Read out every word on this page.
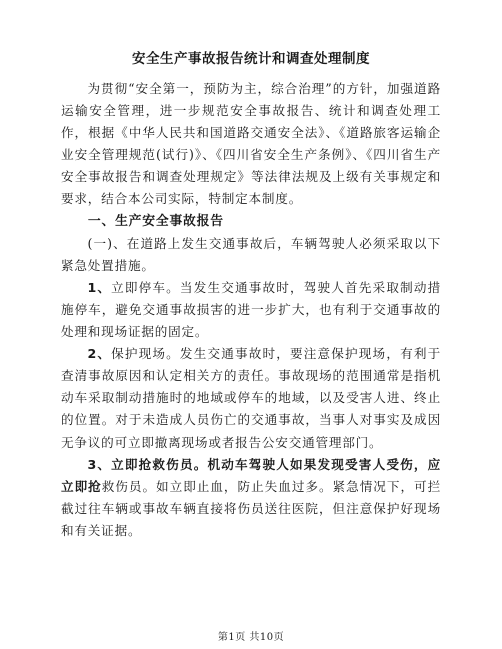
安全生产事故报告统计和调查处理制度

为贯彻“安全第一，预防为主，综合治理”的方针，加强道路运输安全管理，进一步规范安全事故报告、统计和调查处理工作，根据《中华人民共和国道路交通安全法》、《道路旅客运输企业安全管理规范(试行)》、《四川省安全生产条例》、《四川省生产安全事故报告和调查处理规定》等法律法规及上级有关事规定和要求，结合本公司实际，特制定本制度。

一、生产安全事故报告

(一)、在道路上发生交通事故后，车辆驾驶人必须采取以下紧急处置措施。

1、立即停车。当发生交通事故时，驾驶人首先采取制动措施停车，避免交通事故损害的进一步扩大，也有利于交通事故的处理和现场证据的固定。

2、保护现场。发生交通事故时，要注意保护现场，有利于查清事故原因和认定相关方的责任。事故现场的范围通常是指机动车采取制动措施时的地域或停车的地域，以及受害人进、终止的位置。对于未造成人员伤亡的交通事故，当事人对事实及成因无争议的可立即撤离现场或者报告公安交通管理部门。

3、立即抢救伤员。机动车驾驶人如果发现受害人受伤，应立即抢救伤员。如立即止血，防止失血过多。紧急情况下，可拦截过往车辆或事故车辆直接将伤员送往医院，但注意保护好现场和有关证据。

第1页 共10页
